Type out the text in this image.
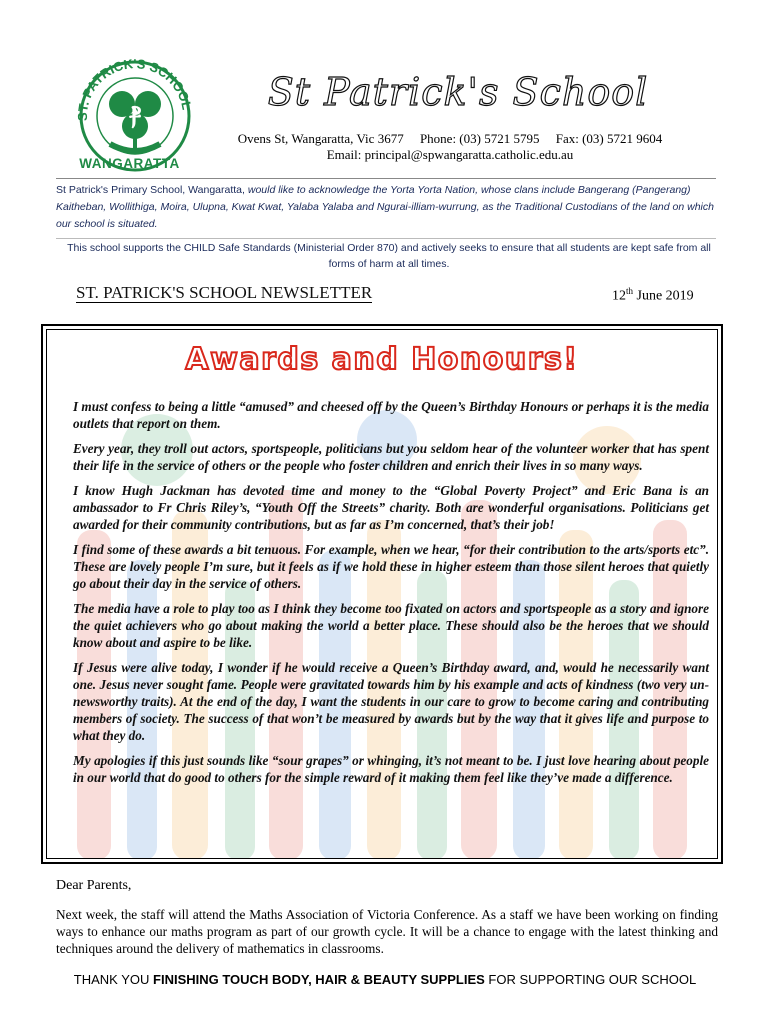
ST. PATRICK'S SCHOOL
ⳁ
WANGARATTA
St Patrick's School
Ovens St, Wangaratta, Vic 3677     Phone: (03) 5721 5795     Fax: (03) 5721 9604
Email: principal@spwangaratta.catholic.edu.au
St Patrick's Primary School, Wangaratta, would like to acknowledge the Yorta Yorta Nation, whose clans include Bangerang (Pangerang) Kaitheban, Wollithiga, Moira, Ulupna, Kwat Kwat, Yalaba Yalaba and Ngurai-illiam-wurrung, as the Traditional Custodians of the land on which our school is situated.
This school supports the CHILD Safe Standards (Ministerial Order 870) and actively seeks to ensure that all students are kept safe from all forms of harm at all times.
ST. PATRICK'S SCHOOL NEWSLETTER	12th June 2019
Awards and Honours!

I must confess to being a little “amused” and cheesed off by the Queen’s Birthday Honours or perhaps it is the media outlets that report on them.

Every year, they troll out actors, sportspeople, politicians but you seldom hear of the volunteer worker that has spent their life in the service of others or the people who foster children and enrich their lives in so many ways.

I know Hugh Jackman has devoted time and money to the “Global Poverty Project” and Eric Bana is an ambassador to Fr Chris Riley’s, “Youth Off the Streets” charity. Both are wonderful organisations. Politicians get awarded for their community contributions, but as far as I’m concerned, that’s their job!

I find some of these awards a bit tenuous. For example, when we hear, “for their contribution to the arts/sports etc”. These are lovely people I’m sure, but it feels as if we hold these in higher esteem than those silent heroes that quietly go about their day in the service of others.

The media have a role to play too as I think they become too fixated on actors and sportspeople as a story and ignore the quiet achievers who go about making the world a better place. These should also be the heroes that we should know about and aspire to be like.

If Jesus were alive today, I wonder if he would receive a Queen’s Birthday award, and, would he necessarily want one. Jesus never sought fame. People were gravitated towards him by his example and acts of kindness (two very un-newsworthy traits). At the end of the day, I want the students in our care to grow to become caring and contributing members of society. The success of that won’t be measured by awards but by the way that it gives life and purpose to what they do.

My apologies if this just sounds like “sour grapes” or whinging, it’s not meant to be. I just love hearing about people in our world that do good to others for the simple reward of it making them feel like they’ve made a difference.

Dear Parents,
Next week, the staff will attend the Maths Association of Victoria Conference. As a staff we have been working on finding ways to enhance our maths program as part of our growth cycle. It will be a chance to engage with the latest thinking and techniques around the delivery of mathematics in classrooms.
THANK YOU FINISHING TOUCH BODY, HAIR & BEAUTY SUPPLIES FOR SUPPORTING OUR SCHOOL
